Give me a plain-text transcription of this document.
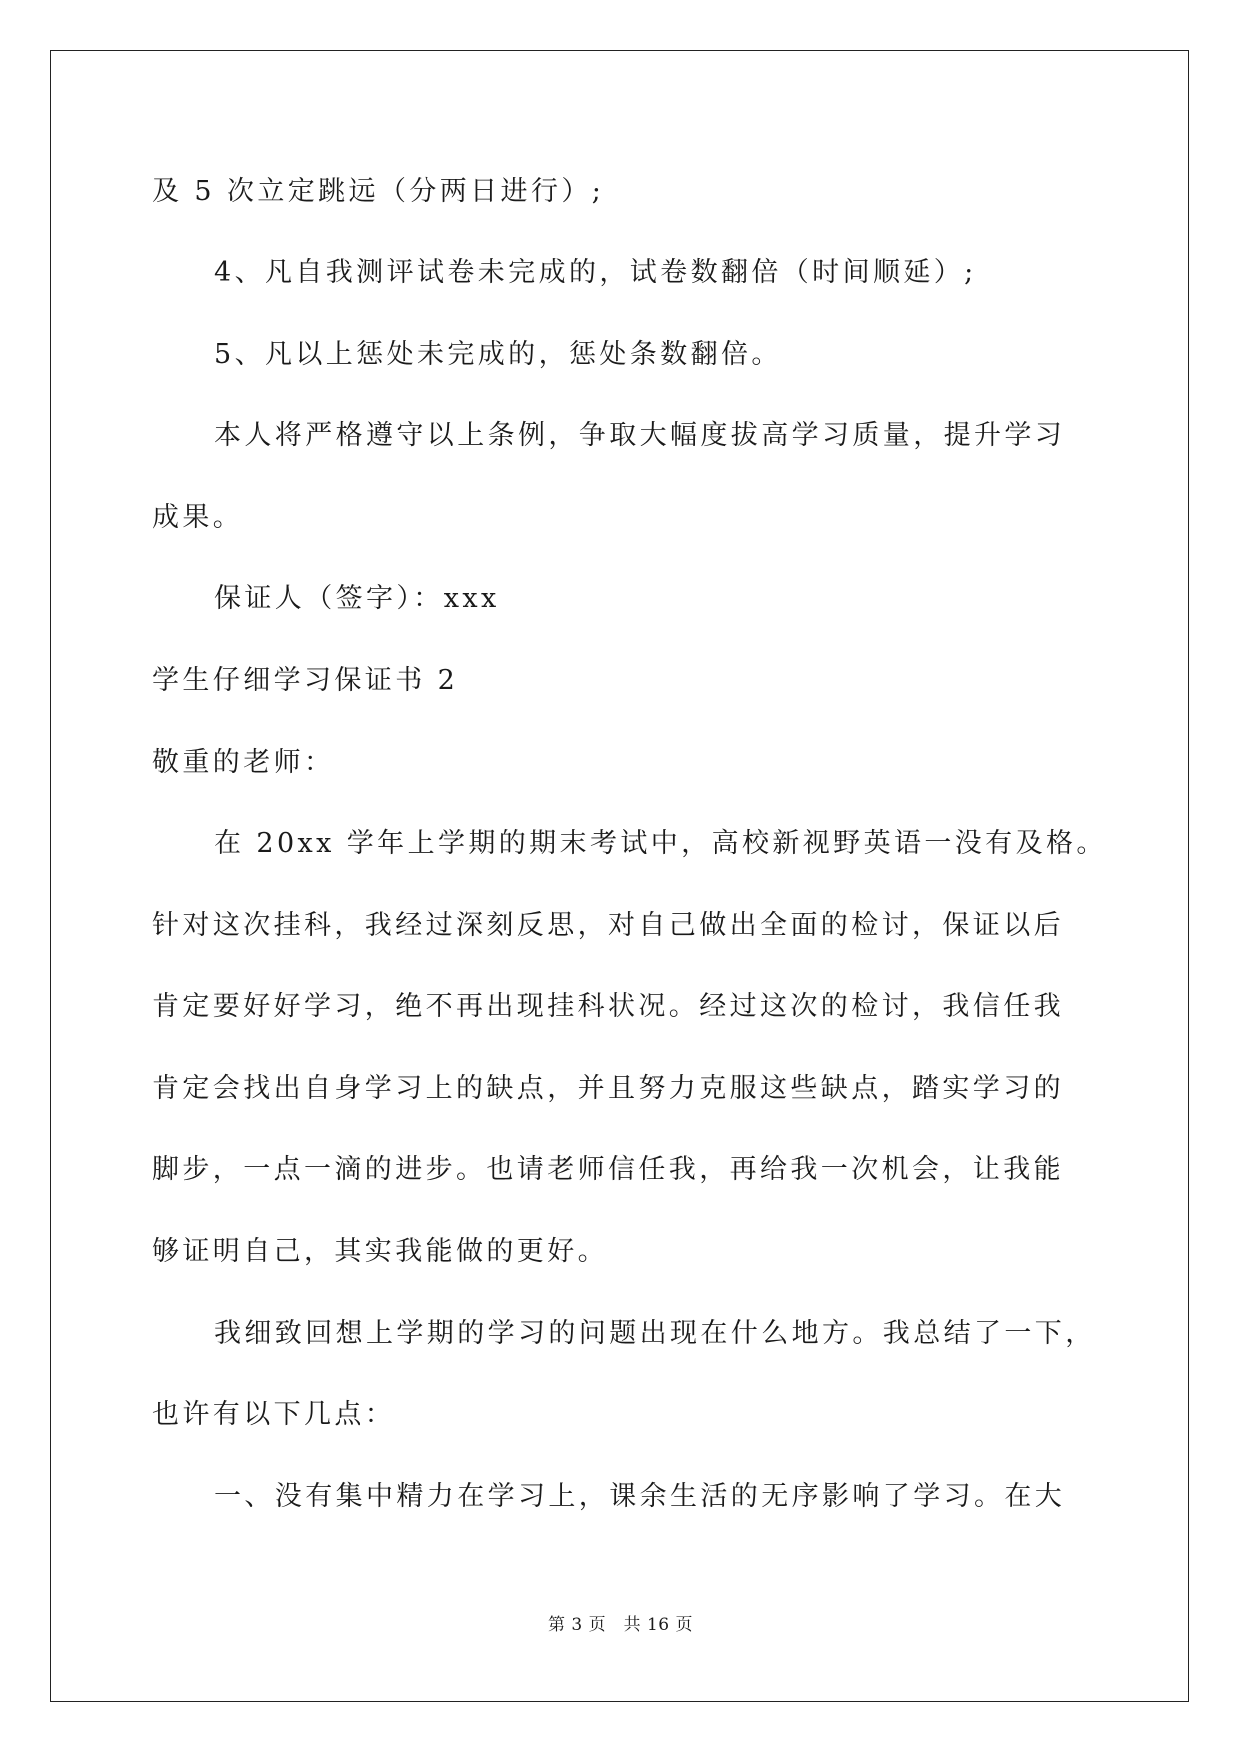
及 5 次立定跳远（分两日进行）;
4、凡自我测评试卷未完成的，试卷数翻倍（时间顺延）;
5、凡以上惩处未完成的，惩处条数翻倍。
本人将严格遵守以上条例，争取大幅度拔高学习质量，提升学习
成果。
保证人（签字）：xxx
学生仔细学习保证书 2
敬重的老师：
在 20xx 学年上学期的期末考试中，高校新视野英语一没有及格。
针对这次挂科，我经过深刻反思，对自己做出全面的检讨，保证以后
肯定要好好学习，绝不再出现挂科状况。经过这次的检讨，我信任我
肯定会找出自身学习上的缺点，并且努力克服这些缺点，踏实学习的
脚步，一点一滴的进步。也请老师信任我，再给我一次机会，让我能
够证明自己，其实我能做的更好。
我细致回想上学期的学习的问题出现在什么地方。我总结了一下，
也许有以下几点：
一、没有集中精力在学习上，课余生活的无序影响了学习。在大
第 3 页　共 16 页
